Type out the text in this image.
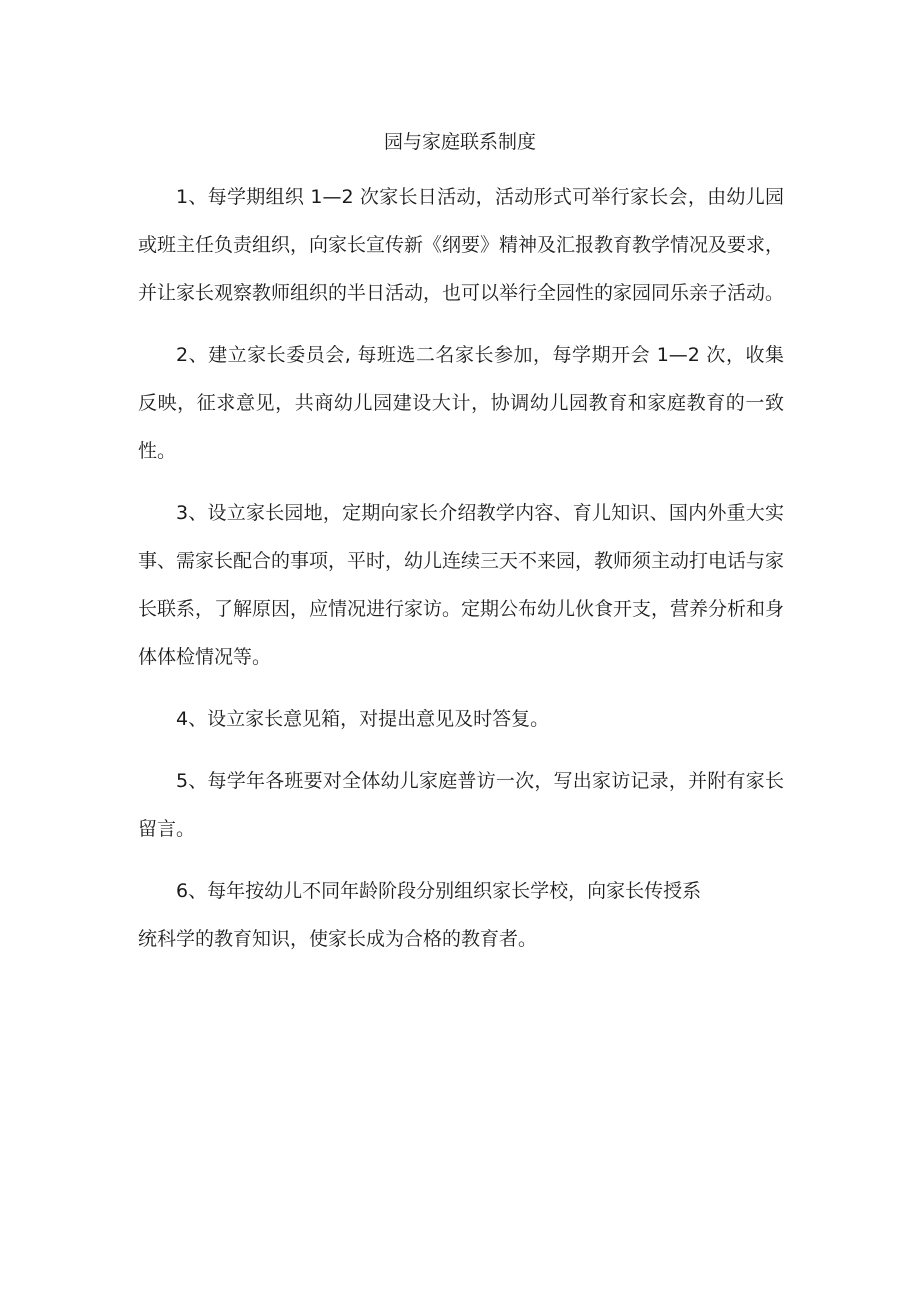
园与家庭联系制度

1、每学期组织 1—2 次家长日活动，活动形式可举行家长会，由幼儿园或班主任负责组织，向家长宣传新《纲要》精神及汇报教育教学情况及要求，并让家长观察教师组织的半日活动，也可以举行全园性的家园同乐亲子活动。

2、建立家长委员会, 每班选二名家长参加，每学期开会 1—2 次，收集反映，征求意见，共商幼儿园建设大计，协调幼儿园教育和家庭教育的一致性。

3、设立家长园地，定期向家长介绍教学内容、育儿知识、国内外重大实事、需家长配合的事项，平时，幼儿连续三天不来园，教师须主动打电话与家长联系，了解原因，应情况进行家访。定期公布幼儿伙食开支，营养分析和身体体检情况等。

4、设立家长意见箱，对提出意见及时答复。

5、每学年各班要对全体幼儿家庭普访一次，写出家访记录，并附有家长留言。

6、每年按幼儿不同年龄阶段分别组织家长学校，向家长传授系

统科学的教育知识，使家长成为合格的教育者。
